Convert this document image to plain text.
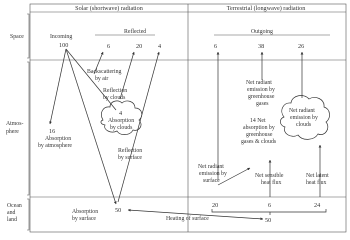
Solar (shortwave) radiation	Terrestrial (longwave) radiation
Space
Atmos-
phere
Ocean
and
land
Incoming
100
Reflected
6	20	4
Backscattering
by air
Reflection
by clouds
4
Absorption
by clouds
16
Absorption
by atmosphere
Reflection
by surface
Absorption
by surface
50
Outgoing
6	38	26
Net radiant
emission by
greenhouse
gases
14 Net
absorption by
greenhouse
gases & clouds
Net radiant
emission by
clouds
Net radiant
emission by
surface
Net sensible
heat flux
Net latent
heat flux
20	6	24
Heating of surface	50
